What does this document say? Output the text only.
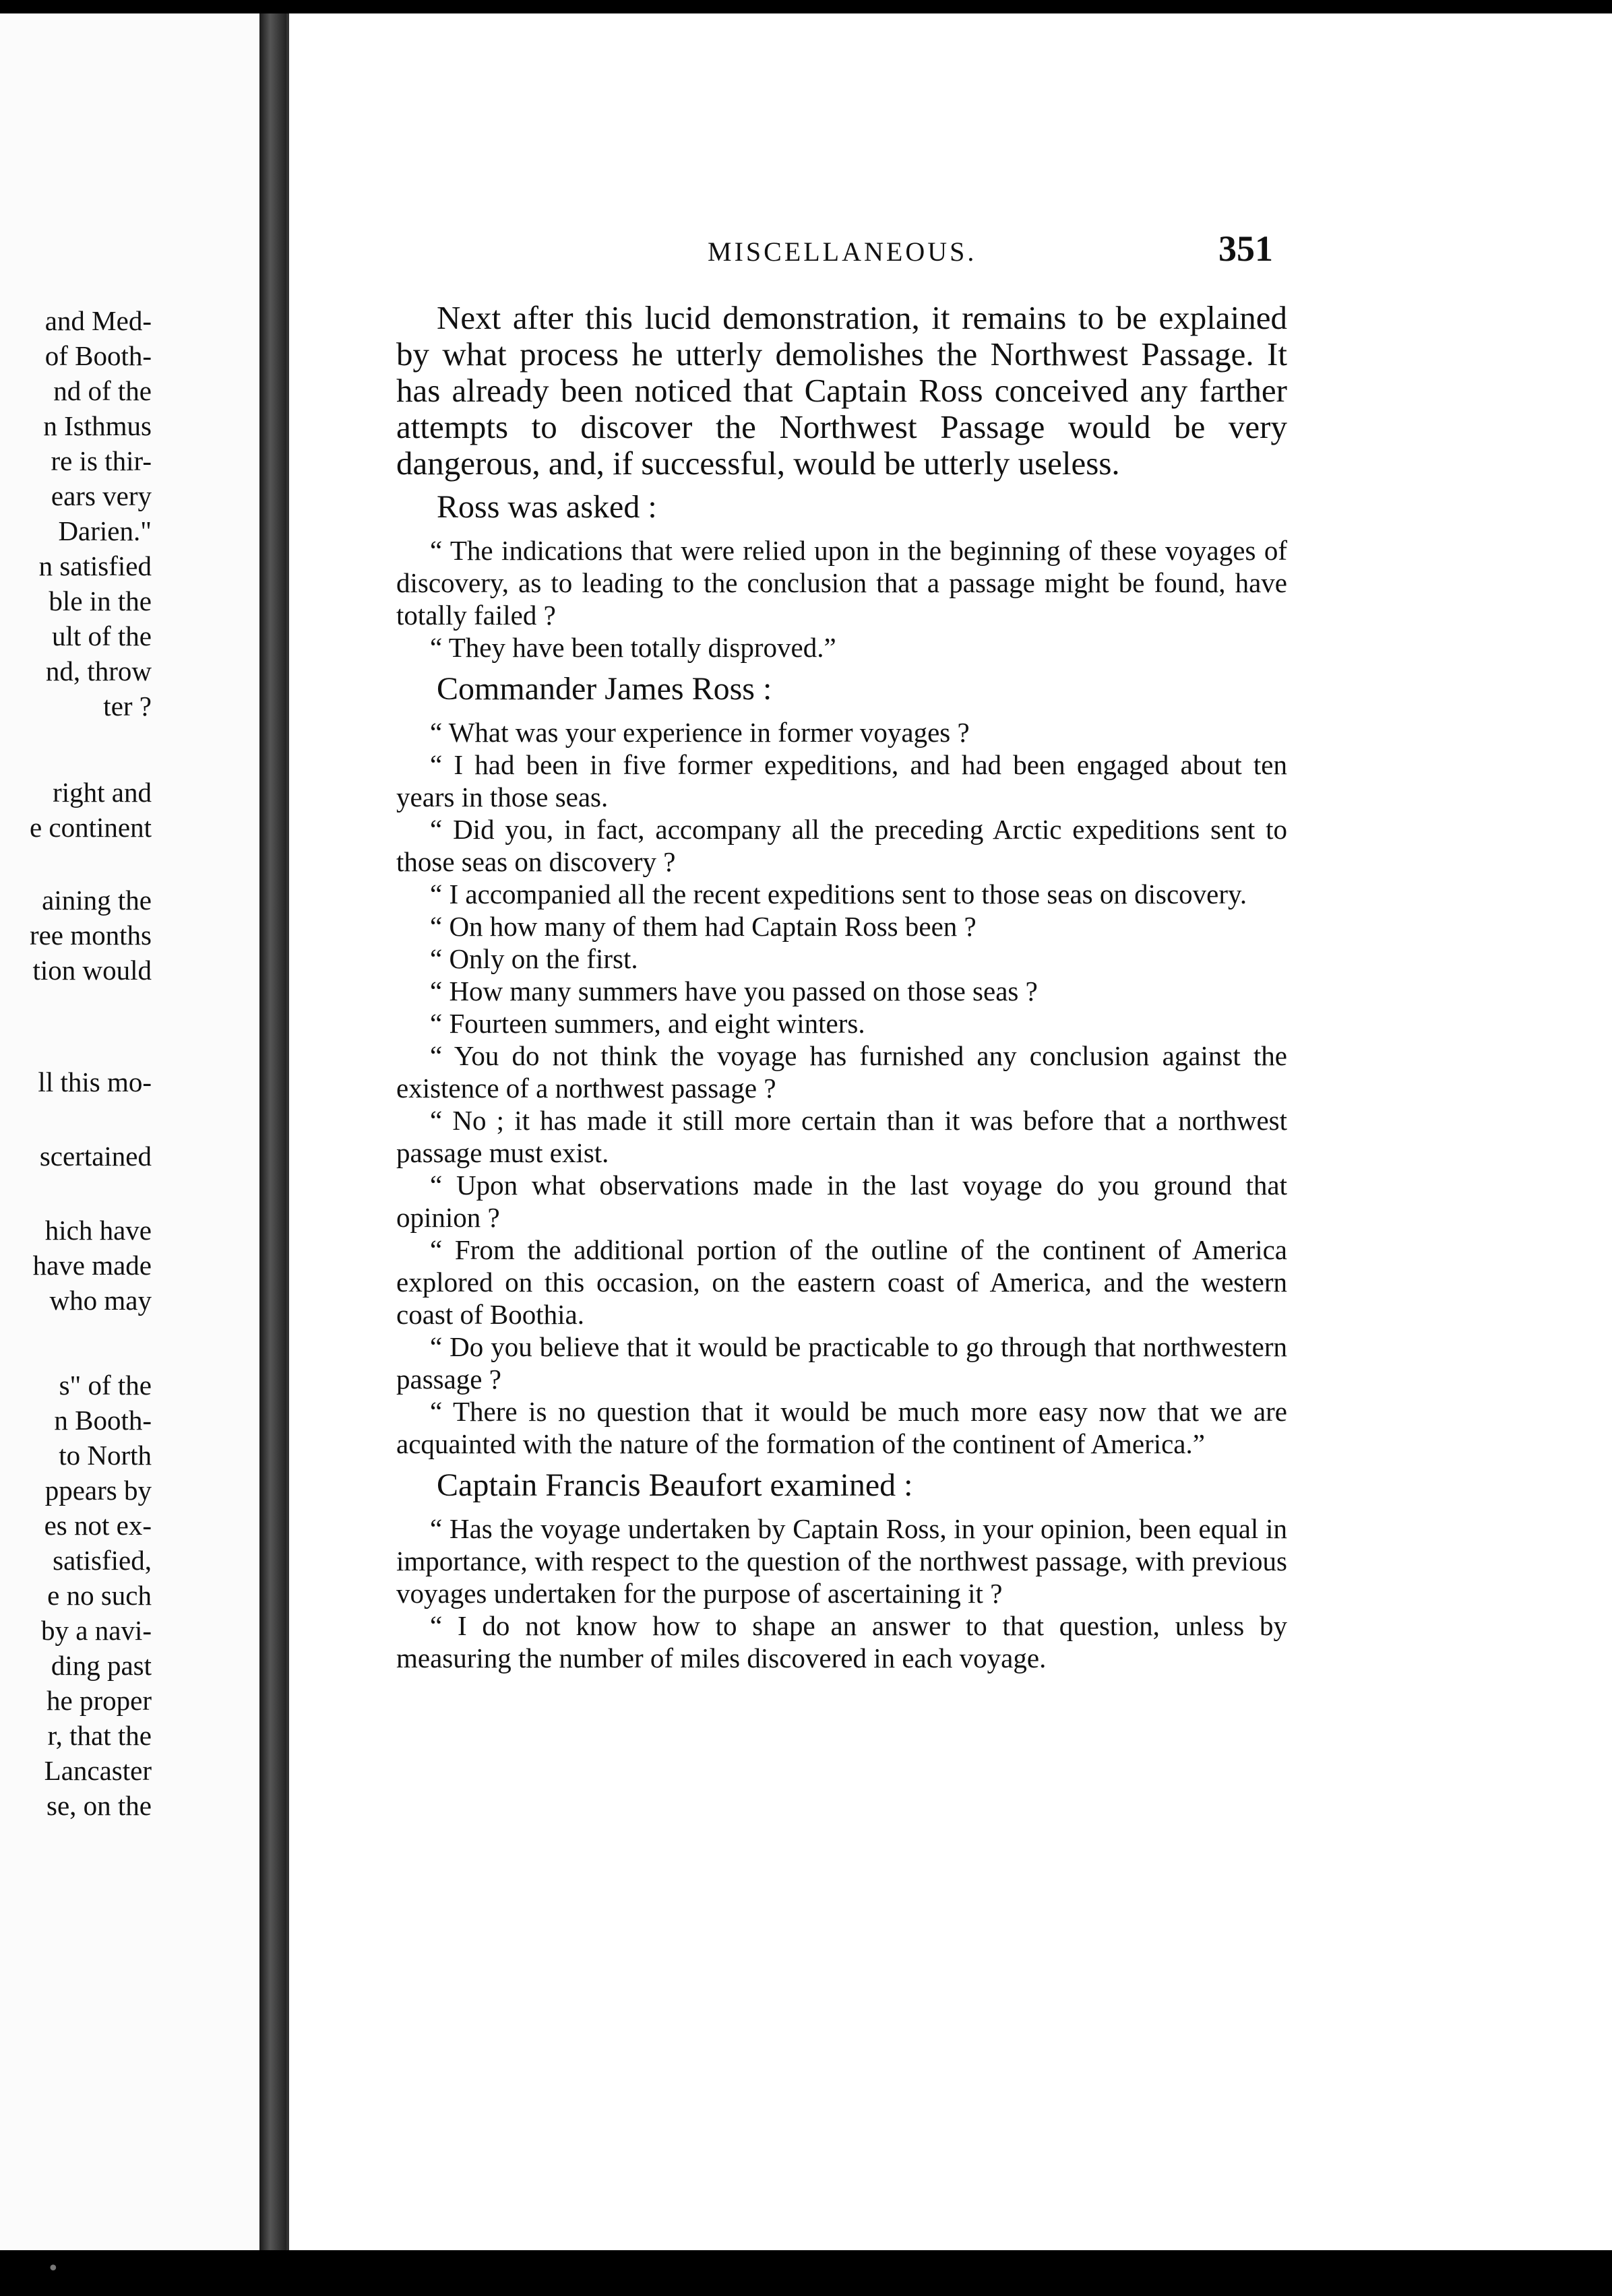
and Med-
of Booth-
nd of the
n Isthmus
re is thir-
ears very
Darien."
n satisfied
ble in the
ult of the
nd, throw
ter ?
right and
e continent
aining the
ree months
tion would
ll this mo-
scertained
hich have
have made
who may
s" of the
n Booth-
to North
ppears by
es not ex-
satisfied,
e no such
by a navi-
ding past
he proper
r, that the
Lancaster
se, on the
MISCELLANEOUS.	351

Next after this lucid demonstration, it remains to be explained by what process he utterly demolishes the Northwest Passage. It has already been noticed that Captain Ross conceived any farther attempts to discover the Northwest Passage would be very dangerous, and, if successful, would be utterly useless.

Ross was asked :

“ The indications that were relied upon in the beginning of these voyages of discovery, as to leading to the conclusion that a passage might be found, have totally failed ?

“ They have been totally disproved.”

Commander James Ross :

“ What was your experience in former voyages ?

“ I had been in five former expeditions, and had been engaged about ten years in those seas.

“ Did you, in fact, accompany all the preceding Arctic expeditions sent to those seas on discovery ?

“ I accompanied all the recent expeditions sent to those seas on discovery.

“ On how many of them had Captain Ross been ?

“ Only on the first.

“ How many summers have you passed on those seas ?

“ Fourteen summers, and eight winters.

“ You do not think the voyage has furnished any conclusion against the existence of a northwest passage ?

“ No ; it has made it still more certain than it was before that a northwest passage must exist.

“ Upon what observations made in the last voyage do you ground that opinion ?

“ From the additional portion of the outline of the continent of America explored on this occasion, on the eastern coast of America, and the western coast of Boothia.

“ Do you believe that it would be practicable to go through that northwestern passage ?

“ There is no question that it would be much more easy now that we are acquainted with the nature of the formation of the continent of America.”

Captain Francis Beaufort examined :

“ Has the voyage undertaken by Captain Ross, in your opinion, been equal in importance, with respect to the question of the northwest passage, with previous voyages undertaken for the purpose of ascertaining it ?

“ I do not know how to shape an answer to that question, unless by measuring the number of miles discovered in each voyage.

•
